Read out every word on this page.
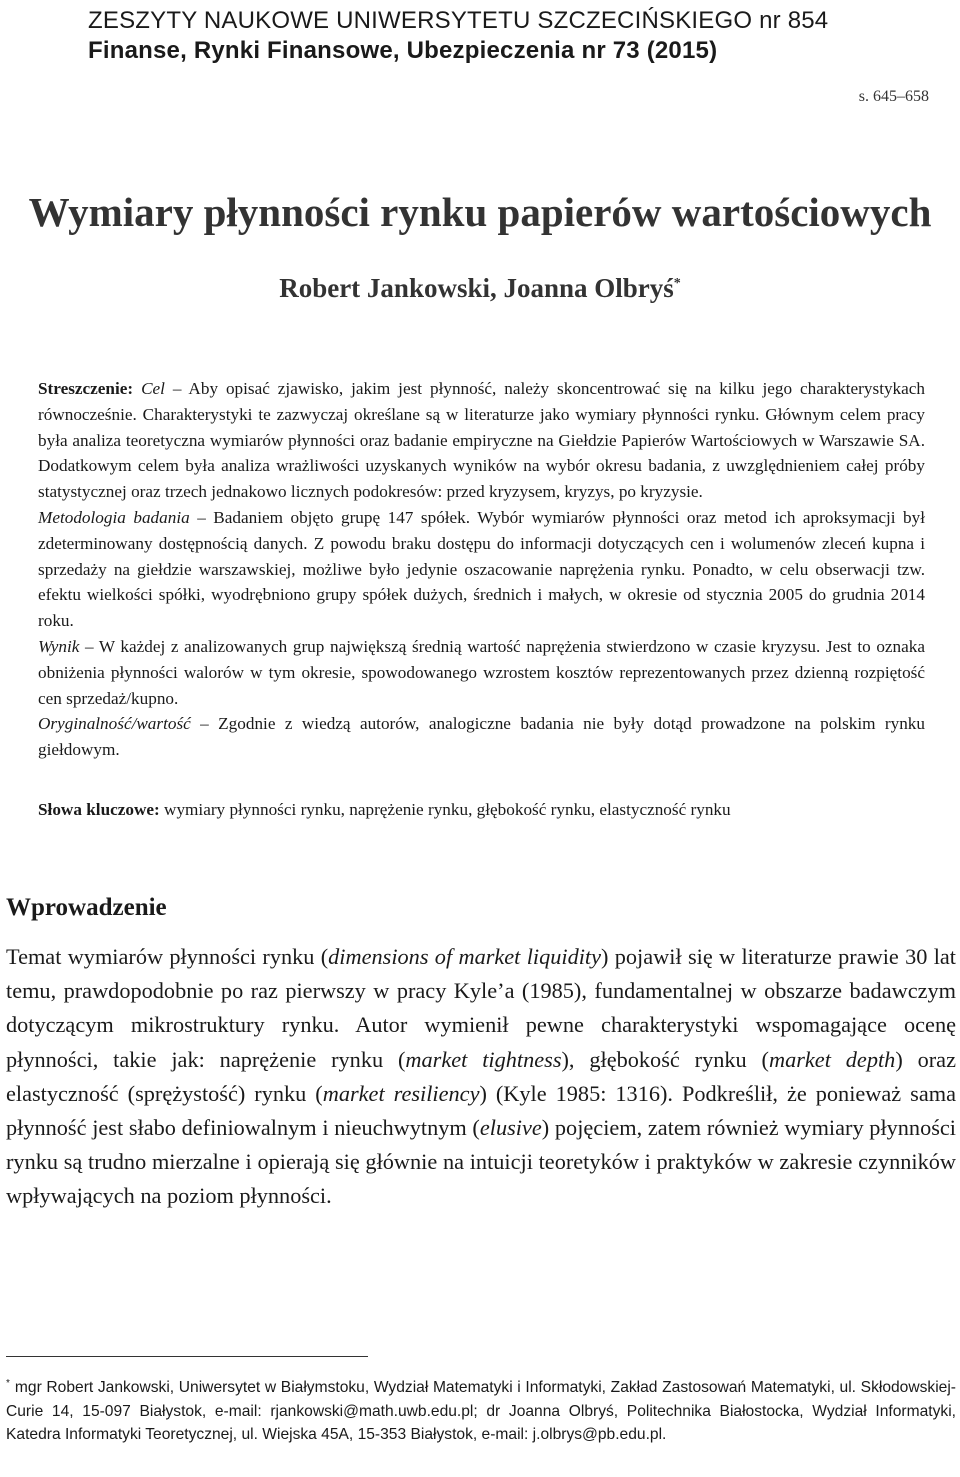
ZESZYTY NAUKOWE UNIWERSYTETU SZCZECIŃSKIEGO nr 854
Finanse, Rynki Finansowe, Ubezpieczenia nr 73 (2015)
s. 645–658
Wymiary płynności rynku papierów wartościowych
Robert Jankowski, Joanna Olbryś*

Streszczenie: Cel – Aby opisać zjawisko, jakim jest płynność, należy skoncentrować się na kilku jego charakterystykach równocześnie. Charakterystyki te zazwyczaj określane są w literaturze jako wymiary płynności rynku. Głównym celem pracy była analiza teoretyczna wymiarów płynności oraz badanie empiryczne na Giełdzie Papierów Wartościowych w Warszawie SA. Dodatkowym celem była analiza wrażliwości uzyskanych wyników na wybór okresu badania, z uwzględnieniem całej próby statystycznej oraz trzech jednakowo licznych podokresów: przed kryzysem, kryzys, po kryzysie.

Metodologia badania – Badaniem objęto grupę 147 spółek. Wybór wymiarów płynności oraz metod ich aproksymacji był zdeterminowany dostępnością danych. Z powodu braku dostępu do informacji dotyczących cen i wolumenów zleceń kupna i sprzedaży na giełdzie warszawskiej, możliwe było jedynie oszacowanie naprężenia rynku. Ponadto, w celu obserwacji tzw. efektu wielkości spółki, wyodrębniono grupy spółek dużych, średnich i małych, w okresie od stycznia 2005 do grudnia 2014 roku.

Wynik – W każdej z analizowanych grup największą średnią wartość naprężenia stwierdzono w czasie kryzysu. Jest to oznaka obniżenia płynności walorów w tym okresie, spowodowanego wzrostem kosztów reprezentowanych przez dzienną rozpiętość cen sprzedaż/kupno.

Oryginalność/wartość – Zgodnie z wiedzą autorów, analogiczne badania nie były dotąd prowadzone na polskim rynku giełdowym.

Słowa kluczowe: wymiary płynności rynku, naprężenie rynku, głębokość rynku, elastyczność rynku
Wprowadzenie

Temat wymiarów płynności rynku (dimensions of market liquidity) pojawił się w literaturze prawie 30 lat temu, prawdopodobnie po raz pierwszy w pracy Kyle’a (1985), fundamentalnej w obszarze badawczym dotyczącym mikrostruktury rynku. Autor wymienił pewne charakterystyki wspomagające ocenę płynności, takie jak: naprężenie rynku (market tightness), głębokość rynku (market depth) oraz elastyczność (sprężystość) rynku (market resiliency) (Kyle 1985: 1316). Podkreślił, że ponieważ sama płynność jest słabo definiowalnym i nieuchwytnym (elusive) pojęciem, zatem również wymiary płynności rynku są trudno mierzalne i opierają się głównie na intuicji teoretyków i praktyków w zakresie czynników wpływających na poziom płynności.

* mgr Robert Jankowski, Uniwersytet w Białymstoku, Wydział Matematyki i Informatyki, Zakład Zastosowań Matematyki, ul. Skłodowskiej-Curie 14, 15-097 Białystok, e-mail: rjankowski@math.uwb.edu.pl; dr Joanna Olbryś, Politechnika Białostocka, Wydział Informatyki, Katedra Informatyki Teoretycznej, ul. Wiejska 45A, 15-353 Białystok, e-mail: j.olbrys@pb.edu.pl.
